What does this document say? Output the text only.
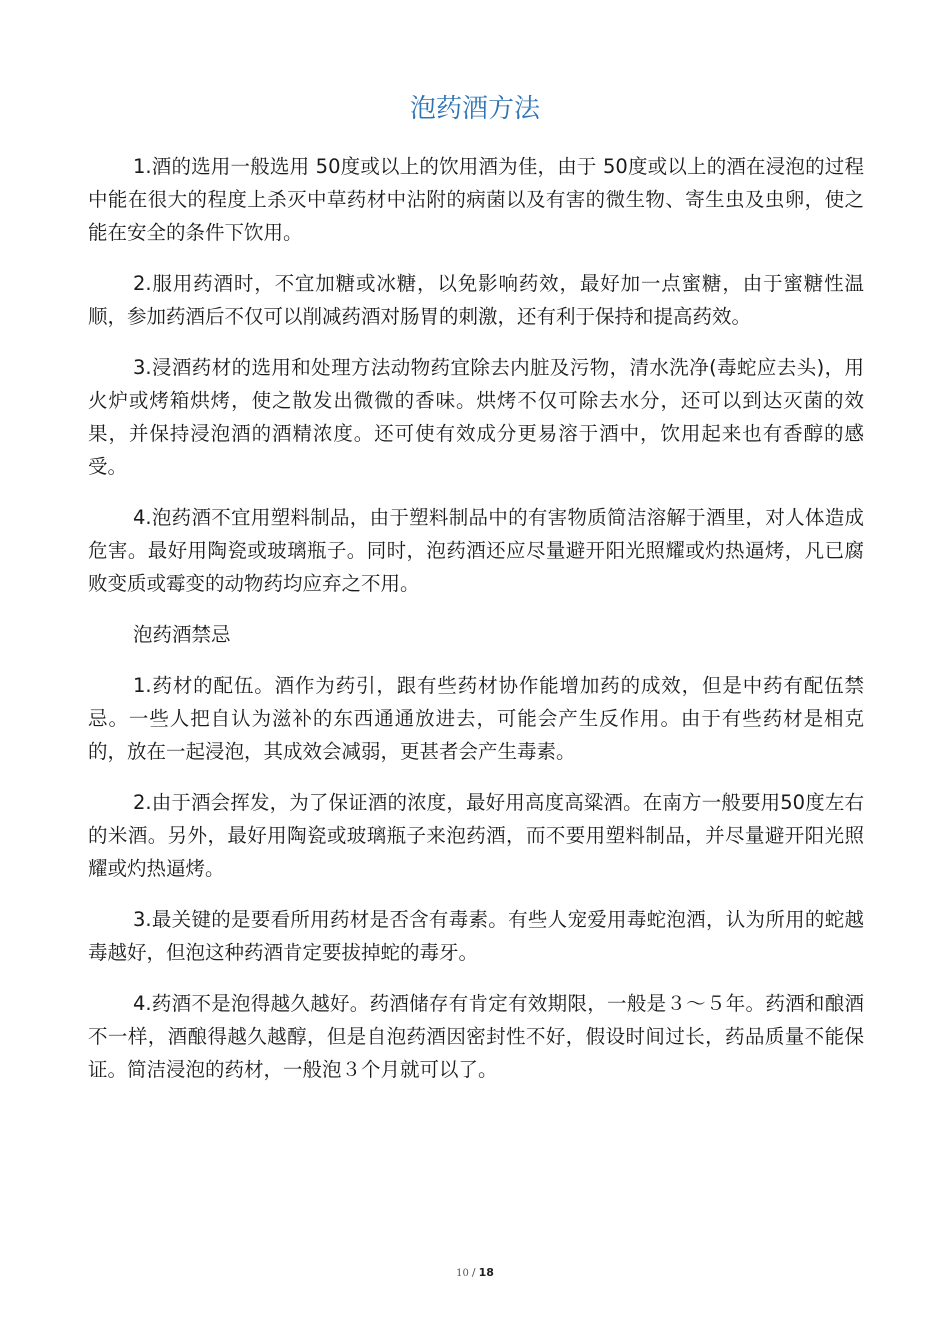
泡药酒方法

1.酒的选用一般选用 50度或以上的饮用酒为佳，由于 50度或以上的酒在浸泡的过程中能在很大的程度上杀灭中草药材中沾附的病菌以及有害的微生物、寄生虫及虫卵，使之能在安全的条件下饮用。

2.服用药酒时，不宜加糖或冰糖，以免影响药效，最好加一点蜜糖，由于蜜糖性温顺，参加药酒后不仅可以削减药酒对肠胃的刺激，还有利于保持和提高药效。

3.浸酒药材的选用和处理方法动物药宜除去内脏及污物，清水洗净(毒蛇应去头)，用火炉或烤箱烘烤，使之散发出微微的香味。烘烤不仅可除去水分，还可以到达灭菌的效果，并保持浸泡酒的酒精浓度。还可使有效成分更易溶于酒中，饮用起来也有香醇的感受。

4.泡药酒不宜用塑料制品，由于塑料制品中的有害物质简洁溶解于酒里，对人体造成危害。最好用陶瓷或玻璃瓶子。同时，泡药酒还应尽量避开阳光照耀或灼热逼烤，凡已腐败变质或霉变的动物药均应弃之不用。

泡药酒禁忌

1.药材的配伍。酒作为药引，跟有些药材协作能增加药的成效，但是中药有配伍禁忌。一些人把自认为滋补的东西通通放进去，可能会产生反作用。由于有些药材是相克的，放在一起浸泡，其成效会减弱，更甚者会产生毒素。

2.由于酒会挥发，为了保证酒的浓度，最好用高度高粱酒。在南方一般要用50度左右的米酒。另外，最好用陶瓷或玻璃瓶子来泡药酒，而不要用塑料制品，并尽量避开阳光照耀或灼热逼烤。

3.最关键的是要看所用药材是否含有毒素。有些人宠爱用毒蛇泡酒，认为所用的蛇越毒越好，但泡这种药酒肯定要拔掉蛇的毒牙。

4.药酒不是泡得越久越好。药酒储存有肯定有效期限，一般是３～５年。药酒和酿酒不一样，酒酿得越久越醇，但是自泡药酒因密封性不好，假设时间过长，药品质量不能保证。简洁浸泡的药材，一般泡３个月就可以了。

10 / 18
